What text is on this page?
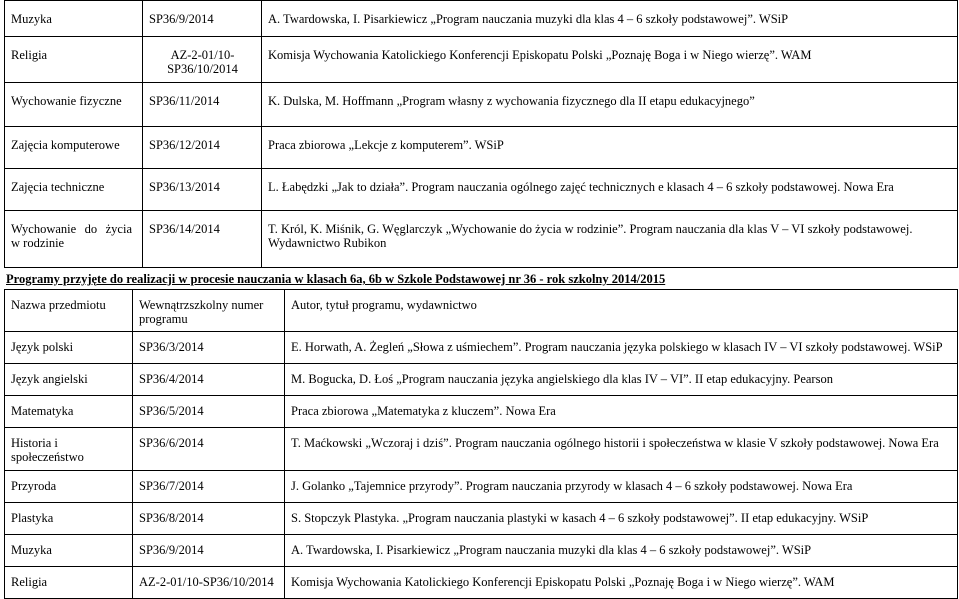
Muzyka	SP36/9/2014	A. Twardowska, I. Pisarkiewicz „Program nauczania muzyki dla klas 4 – 6 szkoły podstawowej”. WSiP
Religia	AZ-2-01/10-SP36/10/2014	Komisja Wychowania Katolickiego Konferencji Episkopatu Polski „Poznaję Boga i w Niego wierzę”. WAM
Wychowanie fizyczne	SP36/11/2014	K. Dulska, M. Hoffmann „Program własny z wychowania fizycznego dla II etapu edukacyjnego”
Zajęcia komputerowe	SP36/12/2014	Praca zbiorowa „Lekcje z komputerem”. WSiP
Zajęcia techniczne	SP36/13/2014	L. Łabędzki „Jak to działa”. Program nauczania ogólnego zajęć technicznych e klasach 4 – 6 szkoły podstawowej. Nowa Era
Wychowanie do życia w rodzinie	SP36/14/2014	T. Król, K. Miśnik, G. Węglarczyk „Wychowanie do życia w rodzinie”. Program nauczania dla klas V – VI szkoły podstawowej. Wydawnictwo Rubikon
Programy przyjęte do realizacji w procesie nauczania w klasach 6a, 6b w Szkole Podstawowej nr 36 - rok szkolny 2014/2015
Nazwa przedmiotu	Wewnątrzszkolny numer programu	Autor, tytuł programu, wydawnictwo
Język polski	SP36/3/2014	E. Horwath, A. Żegleń „Słowa z uśmiechem”. Program nauczania języka polskiego w klasach IV – VI szkoły podstawowej. WSiP
Język angielski	SP36/4/2014	M. Bogucka, D. Łoś „Program nauczania języka angielskiego dla klas IV – VI”. II etap edukacyjny. Pearson
Matematyka	SP36/5/2014	Praca zbiorowa „Matematyka z kluczem”. Nowa Era
Historia i społeczeństwo	SP36/6/2014	T. Maćkowski „Wczoraj i dziś”. Program nauczania ogólnego historii i społeczeństwa w klasie V szkoły podstawowej. Nowa Era
Przyroda	SP36/7/2014	J. Golanko „Tajemnice przyrody”. Program nauczania przyrody w klasach 4 – 6 szkoły podstawowej. Nowa Era
Plastyka	SP36/8/2014	S. Stopczyk Plastyka. „Program nauczania plastyki w kasach 4 – 6 szkoły podstawowej”. II etap edukacyjny. WSiP
Muzyka	SP36/9/2014	A. Twardowska, I. Pisarkiewicz „Program nauczania muzyki dla klas 4 – 6 szkoły podstawowej”. WSiP
Religia	AZ-2-01/10-SP36/10/2014	Komisja Wychowania Katolickiego Konferencji Episkopatu Polski „Poznaję Boga i w Niego wierzę”. WAM
